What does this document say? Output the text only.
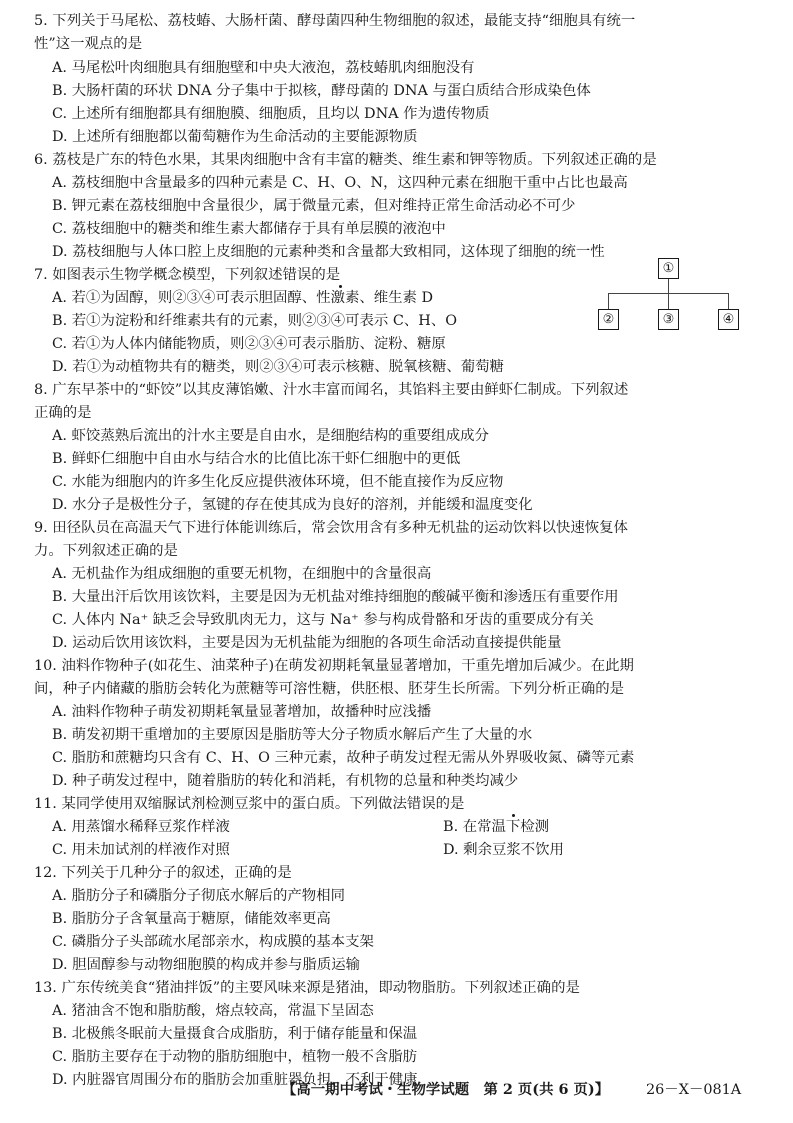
5. 下列关于马尾松、荔枝蝽、大肠杆菌、酵母菌四种生物细胞的叙述，最能支持“细胞具有统一
性”这一观点的是
A. 马尾松叶肉细胞具有细胞壁和中央大液泡，荔枝蝽肌肉细胞没有
B. 大肠杆菌的环状 DNA 分子集中于拟核，酵母菌的 DNA 与蛋白质结合形成染色体
C. 上述所有细胞都具有细胞膜、细胞质，且均以 DNA 作为遗传物质
D. 上述所有细胞都以葡萄糖作为生命活动的主要能源物质
6. 荔枝是广东的特色水果，其果肉细胞中含有丰富的糖类、维生素和钾等物质。下列叙述正确的是
A. 荔枝细胞中含量最多的四种元素是 C、H、O、N，这四种元素在细胞干重中占比也最高
B. 钾元素在荔枝细胞中含量很少，属于微量元素，但对维持正常生命活动必不可少
C. 荔枝细胞中的糖类和维生素大都储存于具有单层膜的液泡中
D. 荔枝细胞与人体口腔上皮细胞的元素种类和含量都大致相同，这体现了细胞的统一性
7. 如图表示生物学概念模型，下列叙述错误的是
A. 若①为固醇，则②③④可表示胆固醇、性激素、维生素 D
B. 若①为淀粉和纤维素共有的元素，则②③④可表示 C、H、O
C. 若①为人体内储能物质，则②③④可表示脂肪、淀粉、糖原
D. 若①为动植物共有的糖类，则②③④可表示核糖、脱氧核糖、葡萄糖
8. 广东早茶中的“虾饺”以其皮薄馅嫩、汁水丰富而闻名，其馅料主要由鲜虾仁制成。下列叙述
正确的是
A. 虾饺蒸熟后流出的汁水主要是自由水，是细胞结构的重要组成成分
B. 鲜虾仁细胞中自由水与结合水的比值比冻干虾仁细胞中的更低
C. 水能为细胞内的许多生化反应提供液体环境，但不能直接作为反应物
D. 水分子是极性分子，氢键的存在使其成为良好的溶剂，并能缓和温度变化
9. 田径队员在高温天气下进行体能训练后，常会饮用含有多种无机盐的运动饮料以快速恢复体
力。下列叙述正确的是
A. 无机盐作为组成细胞的重要无机物，在细胞中的含量很高
B. 大量出汗后饮用该饮料，主要是因为无机盐对维持细胞的酸碱平衡和渗透压有重要作用
C. 人体内 Na⁺ 缺乏会导致肌肉无力，这与 Na⁺ 参与构成骨骼和牙齿的重要成分有关
D. 运动后饮用该饮料，主要是因为无机盐能为细胞的各项生命活动直接提供能量
10. 油料作物种子(如花生、油菜种子)在萌发初期耗氧量显著增加，干重先增加后减少。在此期
间，种子内储藏的脂肪会转化为蔗糖等可溶性糖，供胚根、胚芽生长所需。下列分析正确的是
A. 油料作物种子萌发初期耗氧量显著增加，故播种时应浅播
B. 萌发初期干重增加的主要原因是脂肪等大分子物质水解后产生了大量的水
C. 脂肪和蔗糖均只含有 C、H、O 三种元素，故种子萌发过程无需从外界吸收氮、磷等元素
D. 种子萌发过程中，随着脂肪的转化和消耗，有机物的总量和种类均减少
11. 某同学使用双缩脲试剂检测豆浆中的蛋白质。下列做法错误的是
A. 用蒸馏水稀释豆浆作样液	B. 在常温下检测
C. 用未加试剂的样液作对照	D. 剩余豆浆不饮用
12. 下列关于几种分子的叙述，正确的是
A. 脂肪分子和磷脂分子彻底水解后的产物相同
B. 脂肪分子含氧量高于糖原，储能效率更高
C. 磷脂分子头部疏水尾部亲水，构成膜的基本支架
D. 胆固醇参与动物细胞膜的构成并参与脂质运输
13. 广东传统美食“猪油拌饭”的主要风味来源是猪油，即动物脂肪。下列叙述正确的是
A. 猪油含不饱和脂肪酸，熔点较高，常温下呈固态
B. 北极熊冬眠前大量摄食合成脂肪，利于储存能量和保温
C. 脂肪主要存在于动物的脂肪细胞中，植物一般不含脂肪
D. 内脏器官周围分布的脂肪会加重脏器负担，不利于健康
①
②	③	④
【高一期中考试・生物学试题　第 2 页(共 6 页)】	26－X－081A
